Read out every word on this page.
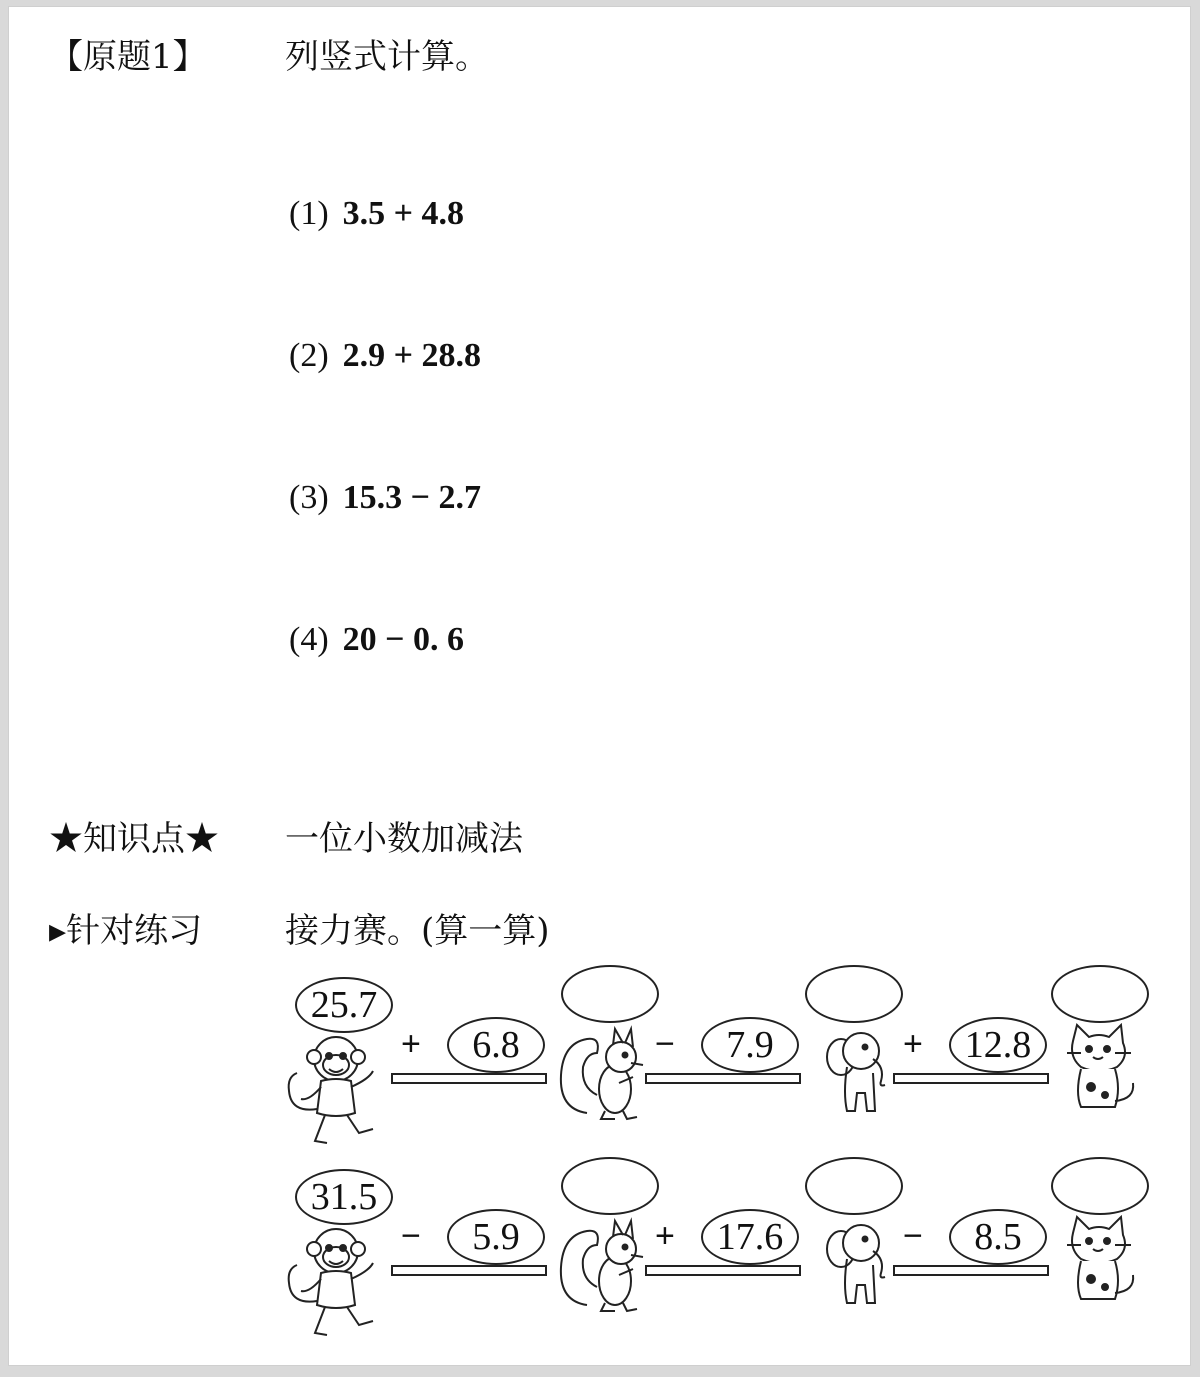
【原题1】 列竖式计算。
(1) 3.5 + 4.8
(2) 2.9 + 28.8
(3) 15.3 − 2.7
(4) 20 − 0. 6
★知识点★ 一位小数加减法
▸针对练习 接力赛。(算一算)
25.7
+	6.8	−	7.9	+	12.8
31.5
−	5.9	+	17.6	−	8.5
